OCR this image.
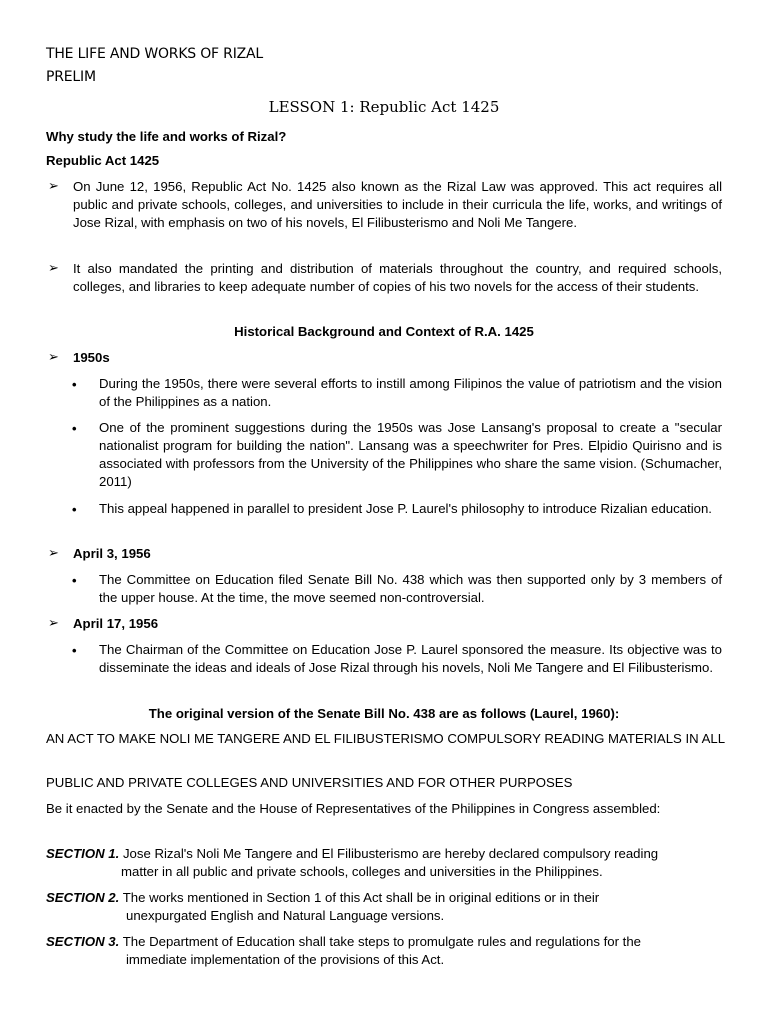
THE LIFE AND WORKS OF RIZAL
PRELIM
LESSON 1: Republic Act 1425
Why study the life and works of Rizal?
Republic Act 1425
➢ On June 12, 1956, Republic Act No. 1425 also known as the Rizal Law was approved. This act requires all public and private schools, colleges, and universities to include in their curricula the life, works, and writings of Jose Rizal, with emphasis on two of his novels, El Filibusterismo and Noli Me Tangere.
➢ It also mandated the printing and distribution of materials throughout the country, and required schools, colleges, and libraries to keep adequate number of copies of his two novels for the access of their students.
Historical Background and Context of R.A. 1425
➢ 1950s
• During the 1950s, there were several efforts to instill among Filipinos the value of patriotism and the vision of the Philippines as a nation.
• One of the prominent suggestions during the 1950s was Jose Lansang's proposal to create a "secular nationalist program for building the nation". Lansang was a speechwriter for Pres. Elpidio Quirisno and is associated with professors from the University of the Philippines who share the same vision. (Schumacher, 2011)
• This appeal happened in parallel to president Jose P. Laurel's philosophy to introduce Rizalian education.
➢ April 3, 1956
• The Committee on Education filed Senate Bill No. 438 which was then supported only by 3 members of the upper house. At the time, the move seemed non-controversial.
➢ April 17, 1956
• The Chairman of the Committee on Education Jose P. Laurel sponsored the measure. Its objective was to disseminate the ideas and ideals of Jose Rizal through his novels, Noli Me Tangere and El Filibusterismo.
The original version of the Senate Bill No. 438 are as follows (Laurel, 1960):
AN ACT TO MAKE NOLI ME TANGERE AND EL FILIBUSTERISMO COMPULSORY READING MATERIALS IN ALL
PUBLIC AND PRIVATE COLLEGES AND UNIVERSITIES AND FOR OTHER PURPOSES
Be it enacted by the Senate and the House of Representatives of the Philippines in Congress assembled:
SECTION 1. Jose Rizal's Noli Me Tangere and El Filibusterismo are hereby declared compulsory reading
matter in all public and private schools, colleges and universities in the Philippines.
SECTION 2. The works mentioned in Section 1 of this Act shall be in original editions or in their
unexpurgated English and Natural Language versions.
SECTION 3. The Department of Education shall take steps to promulgate rules and regulations for the
immediate implementation of the provisions of this Act.
